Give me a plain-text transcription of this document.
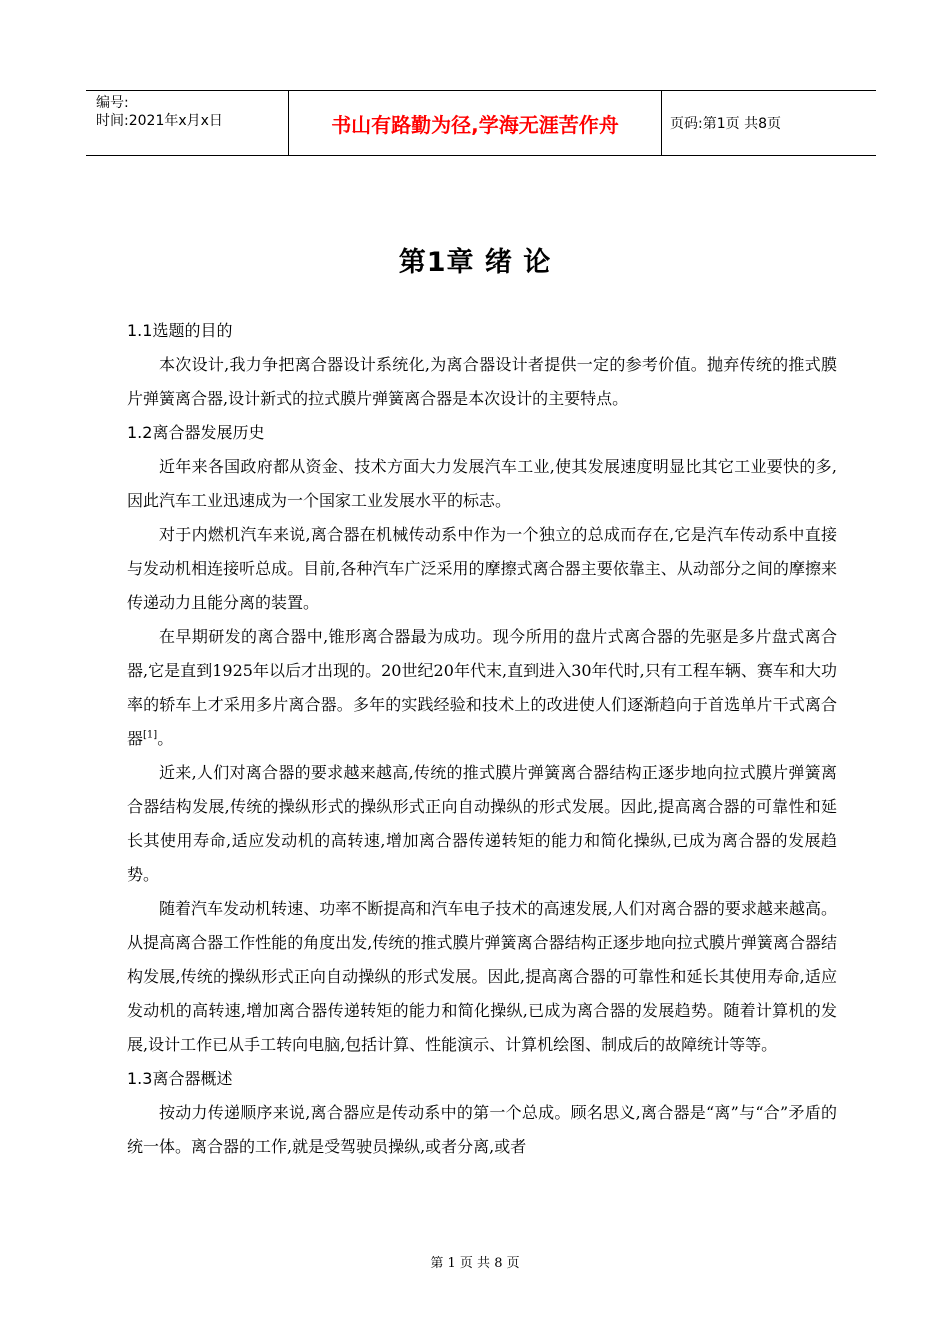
编号:
时间:2021年x月x日	书山有路勤为径,学海无涯苦作舟	页码:第1页 共8页
第1章 绪 论
1.1选题的目的

本次设计,我力争把离合器设计系统化,为离合器设计者提供一定的参考价值。抛弃传统的推式膜片弹簧离合器,设计新式的拉式膜片弹簧离合器是本次设计的主要特点。

1.2离合器发展历史

近年来各国政府都从资金、技术方面大力发展汽车工业,使其发展速度明显比其它工业要快的多,因此汽车工业迅速成为一个国家工业发展水平的标志。

对于内燃机汽车来说,离合器在机械传动系中作为一个独立的总成而存在,它是汽车传动系中直接与发动机相连接听总成。目前,各种汽车广泛采用的摩擦式离合器主要依靠主、从动部分之间的摩擦来传递动力且能分离的装置。

在早期研发的离合器中,锥形离合器最为成功。现今所用的盘片式离合器的先驱是多片盘式离合器,它是直到1925年以后才出现的。20世纪20年代末,直到进入30年代时,只有工程车辆、赛车和大功率的轿车上才采用多片离合器。多年的实践经验和技术上的改进使人们逐渐趋向于首选单片干式离合器[1]。

近来,人们对离合器的要求越来越高,传统的推式膜片弹簧离合器结构正逐步地向拉式膜片弹簧离合器结构发展,传统的操纵形式的操纵形式正向自动操纵的形式发展。因此,提高离合器的可靠性和延长其使用寿命,适应发动机的高转速,增加离合器传递转矩的能力和简化操纵,已成为离合器的发展趋势。

随着汽车发动机转速、功率不断提高和汽车电子技术的高速发展,人们对离合器的要求越来越高。从提高离合器工作性能的角度出发,传统的推式膜片弹簧离合器结构正逐步地向拉式膜片弹簧离合器结构发展,传统的操纵形式正向自动操纵的形式发展。因此,提高离合器的可靠性和延长其使用寿命,适应发动机的高转速,增加离合器传递转矩的能力和简化操纵,已成为离合器的发展趋势。随着计算机的发展,设计工作已从手工转向电脑,包括计算、性能演示、计算机绘图、制成后的故障统计等等。

1.3离合器概述

按动力传递顺序来说,离合器应是传动系中的第一个总成。顾名思义,离合器是“离”与“合”矛盾的统一体。离合器的工作,就是受驾驶员操纵,或者分离,或者

第 1 页 共 8 页
